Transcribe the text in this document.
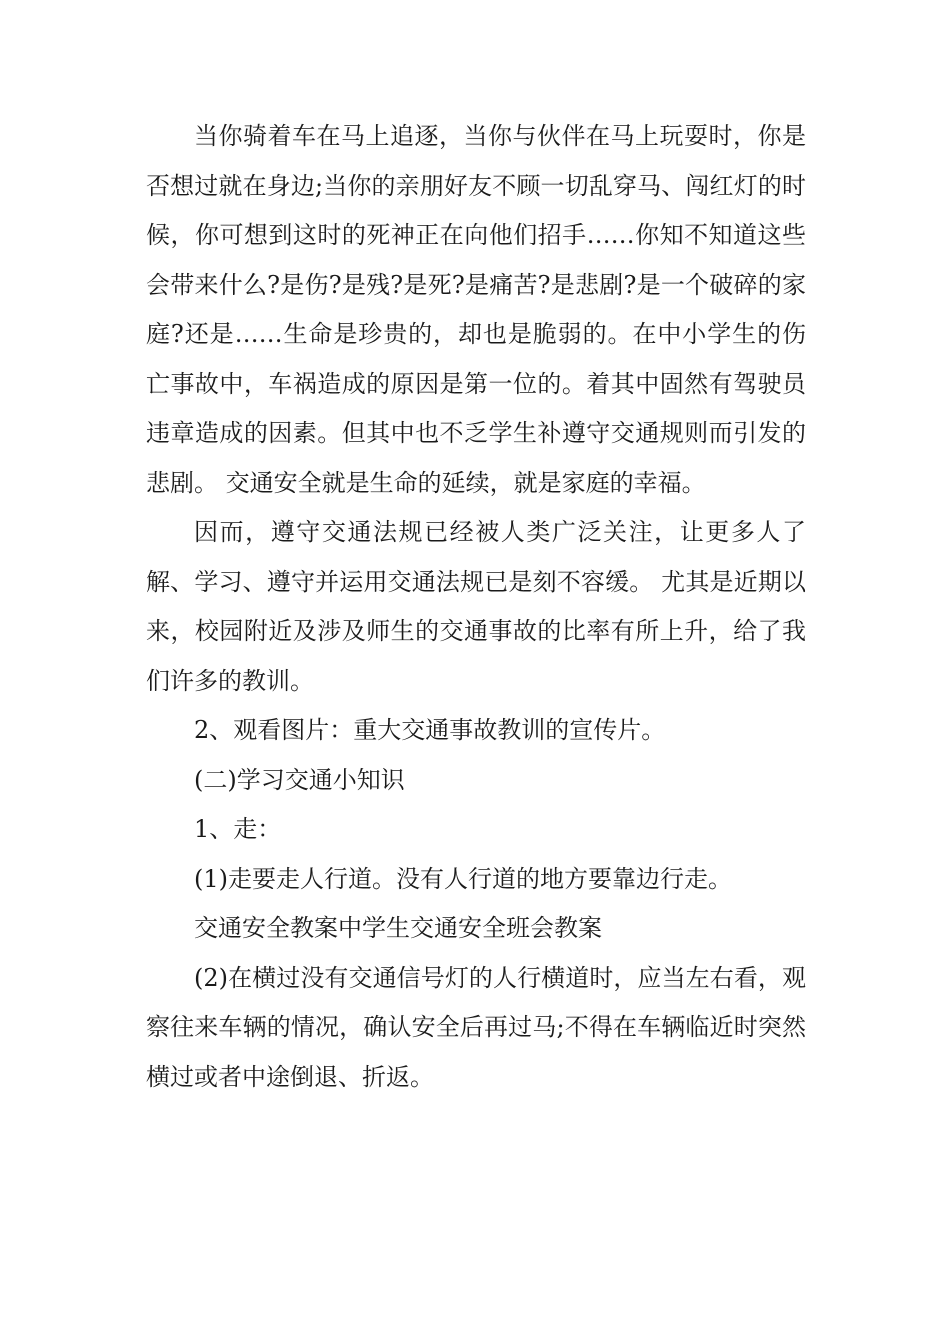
当你骑着车在马上追逐，当你与伙伴在马上玩耍时，你是否想过就在身边;当你的亲朋好友不顾一切乱穿马、闯红灯的时候，你可想到这时的死神正在向他们招手……你知不知道这些会带来什么?是伤?是残?是死?是痛苦?是悲剧?是一个破碎的家庭?还是……生命是珍贵的，却也是脆弱的。在中小学生的伤亡事故中，车祸造成的原因是第一位的。着其中固然有驾驶员违章造成的因素。但其中也不乏学生补遵守交通规则而引发的悲剧。 交通安全就是生命的延续，就是家庭的幸福。

因而，遵守交通法规已经被人类广泛关注，让更多人了解、学习、遵守并运用交通法规已是刻不容缓。 尤其是近期以来，校园附近及涉及师生的交通事故的比率有所上升，给了我们许多的教训。

2、观看图片：重大交通事故教训的宣传片。

(二)学习交通小知识

1、走：

(1)走要走人行道。没有人行道的地方要靠边行走。

交通安全教案中学生交通安全班会教案

(2)在横过没有交通信号灯的人行横道时，应当左右看，观察往来车辆的情况，确认安全后再过马;不得在车辆临近时突然横过或者中途倒退、折返。
